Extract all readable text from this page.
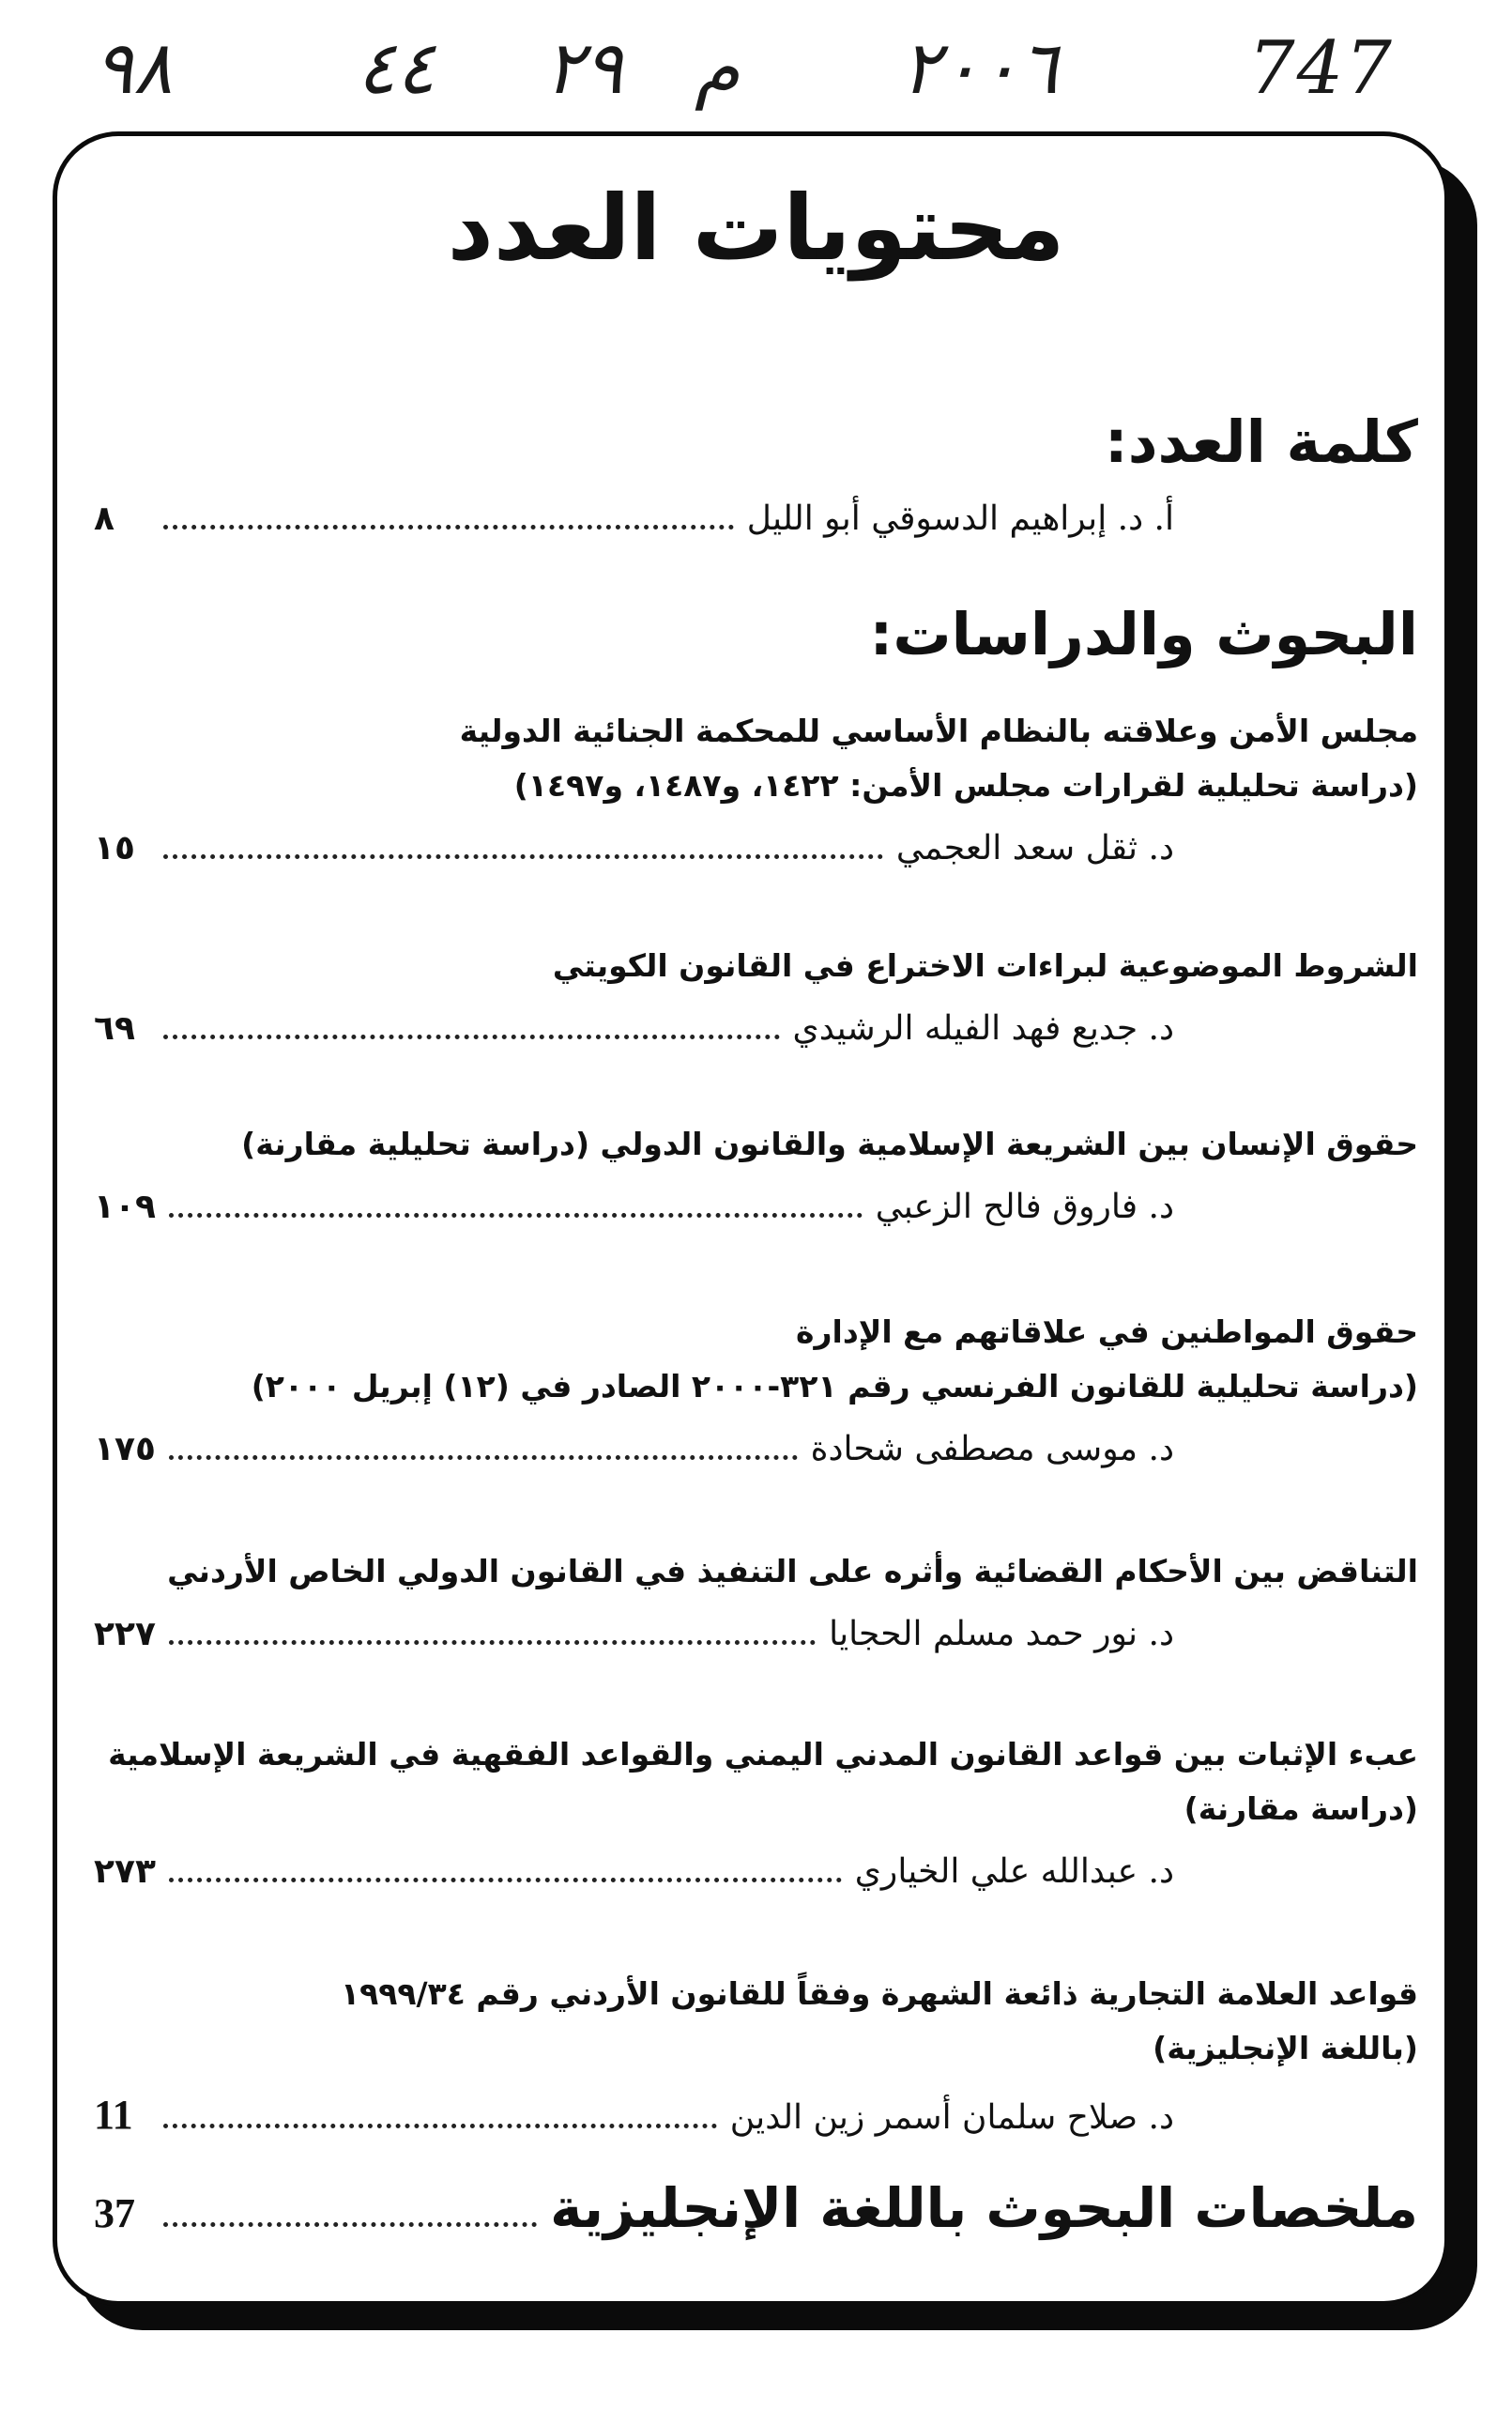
٩٨	٤٤ ٢٩ م ٢٠٠٦	747
محتويات العدد
كلمة العدد:
أ. د. إبراهيم الدسوقي أبو الليل
٨
البحوث والدراسات:
مجلس الأمن وعلاقته بالنظام الأساسي للمحكمة الجنائية الدولية
(دراسة تحليلية لقرارات مجلس الأمن: ١٤٢٢، و١٤٨٧، و١٤٩٧)
د. ثقل سعد العجمي
١٥
الشروط الموضوعية لبراءات الاختراع في القانون الكويتي
د. جديع فهد الفيله الرشيدي
٦٩
حقوق الإنسان بين الشريعة الإسلامية والقانون الدولي (دراسة تحليلية مقارنة)
د. فاروق فالح الزعبي
١٠٩
حقوق المواطنين في علاقاتهم مع الإدارة
(دراسة تحليلية للقانون الفرنسي رقم ٣٢١-٢٠٠٠ الصادر في (١٢) إبريل ٢٠٠٠)
د. موسى مصطفى شحادة
١٧٥
التناقض بين الأحكام القضائية وأثره على التنفيذ في القانون الدولي الخاص الأردني
د. نور حمد مسلم الحجايا
٢٢٧
عبء الإثبات بين قواعد القانون المدني اليمني والقواعد الفقهية في الشريعة الإسلامية
(دراسة مقارنة)
د. عبدالله علي الخياري
٢٧٣
قواعد العلامة التجارية ذائعة الشهرة وفقاً للقانون الأردني رقم ١٩٩٩/٣٤
(باللغة الإنجليزية)
د. صلاح سلمان أسمر زين الدين
11
ملخصات البحوث باللغة الإنجليزية
37
